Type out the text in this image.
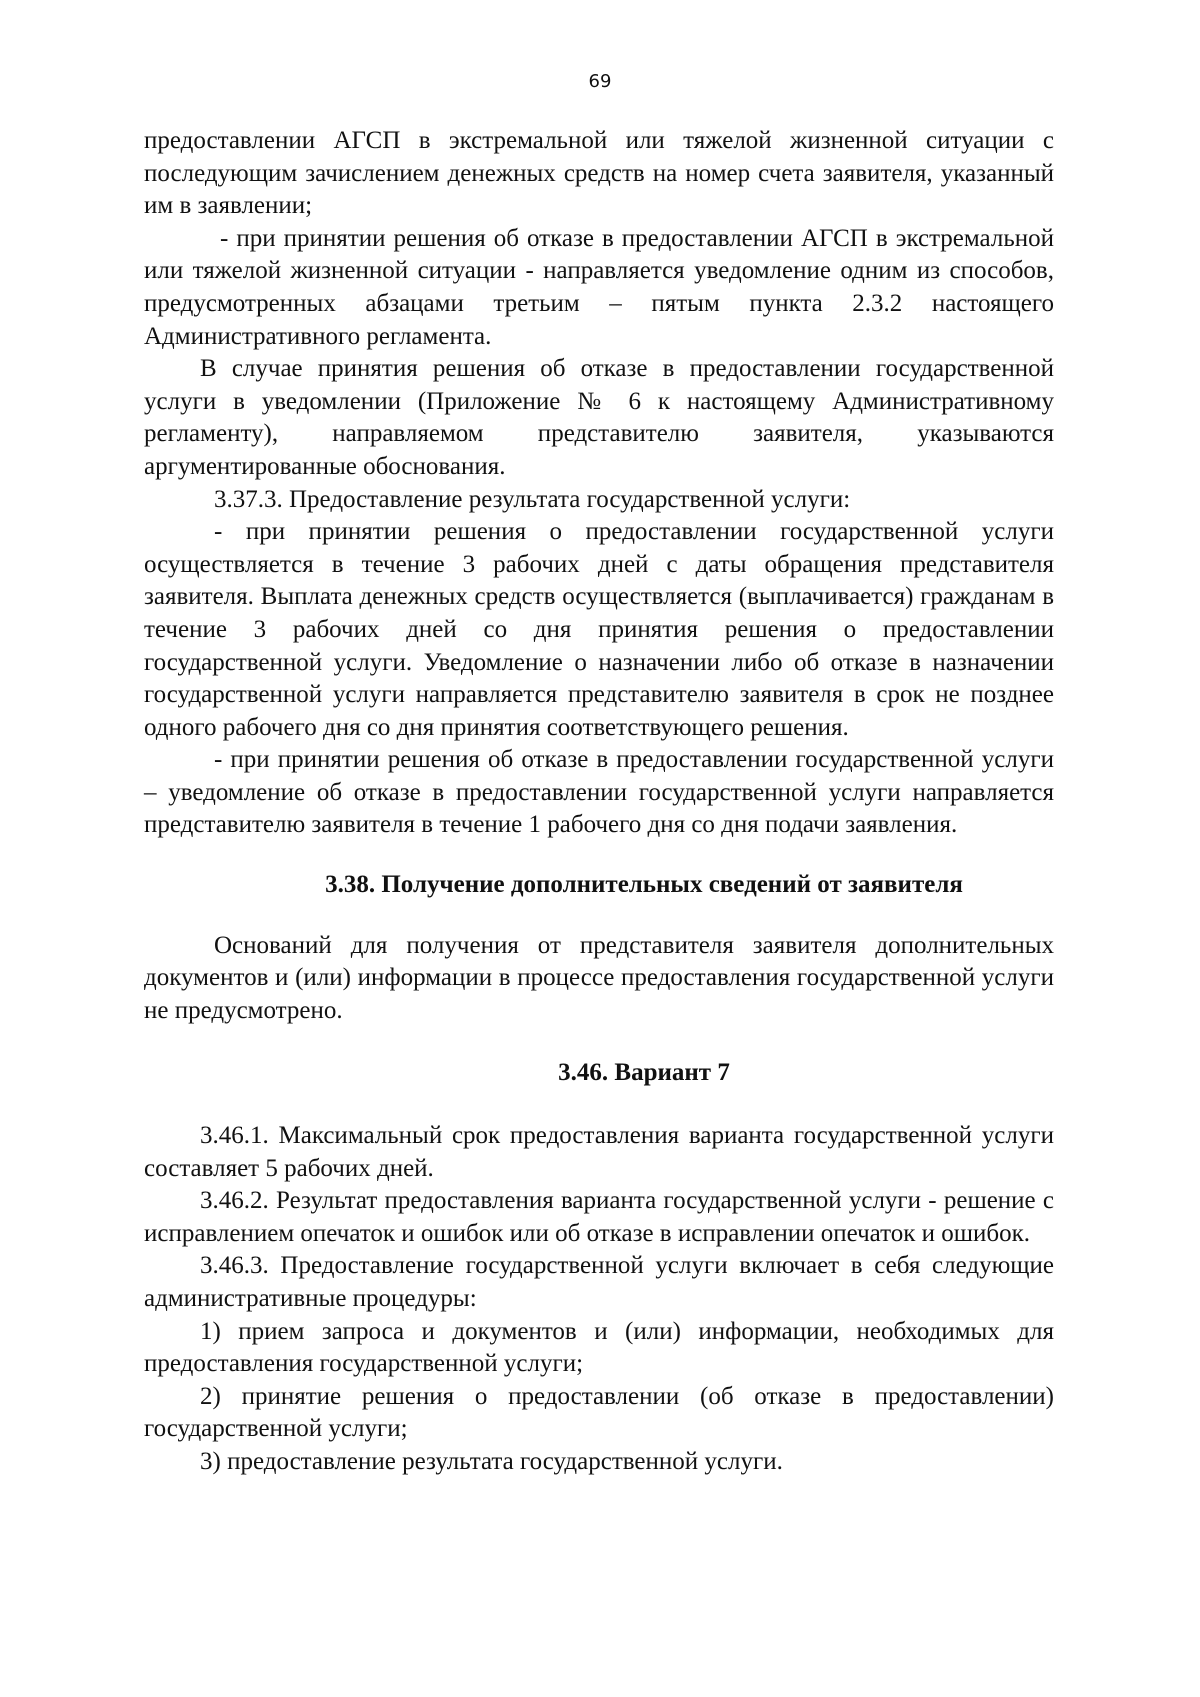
69

предоставлении АГСП в экстремальной или тяжелой жизненной ситуации с последующим зачислением денежных средств на номер счета заявителя, указанный им в заявлении;

- при принятии решения об отказе в предоставлении АГСП в экстремальной или тяжелой жизненной ситуации - направляется уведомление одним из способов, предусмотренных абзацами третьим – пятым пункта 2.3.2 настоящего Административного регламента.

В случае принятия решения об отказе в предоставлении государственной услуги в уведомлении (Приложение № 6 к настоящему Административному регламенту), направляемом представителю заявителя, указываются аргументированные обоснования.

3.37.3. Предоставление результата государственной услуги:

- при принятии решения о предоставлении государственной услуги осуществляется в течение 3 рабочих дней с даты обращения представителя заявителя. Выплата денежных средств осуществляется (выплачивается) гражданам в течение 3 рабочих дней со дня принятия решения о предоставлении государственной услуги. Уведомление о назначении либо об отказе в назначении государственной услуги направляется представителю заявителя в срок не позднее одного рабочего дня со дня принятия соответствующего решения.

- при принятии решения об отказе в предоставлении государственной услуги – уведомление об отказе в предоставлении государственной услуги направляется представителю заявителя в течение 1 рабочего дня со дня подачи заявления.

3.38. Получение дополнительных сведений от заявителя

Оснований для получения от представителя заявителя дополнительных документов и (или) информации в процессе предоставления государственной услуги не предусмотрено.

3.46. Вариант 7

3.46.1. Максимальный срок предоставления варианта государственной услуги составляет 5 рабочих дней.

3.46.2. Результат предоставления варианта государственной услуги - решение с исправлением опечаток и ошибок или об отказе в исправлении опечаток и ошибок.

3.46.3. Предоставление государственной услуги включает в себя следующие административные процедуры:

1) прием запроса и документов и (или) информации, необходимых для предоставления государственной услуги;

2) принятие решения о предоставлении (об отказе в предоставлении) государственной услуги;

3) предоставление результата государственной услуги.
